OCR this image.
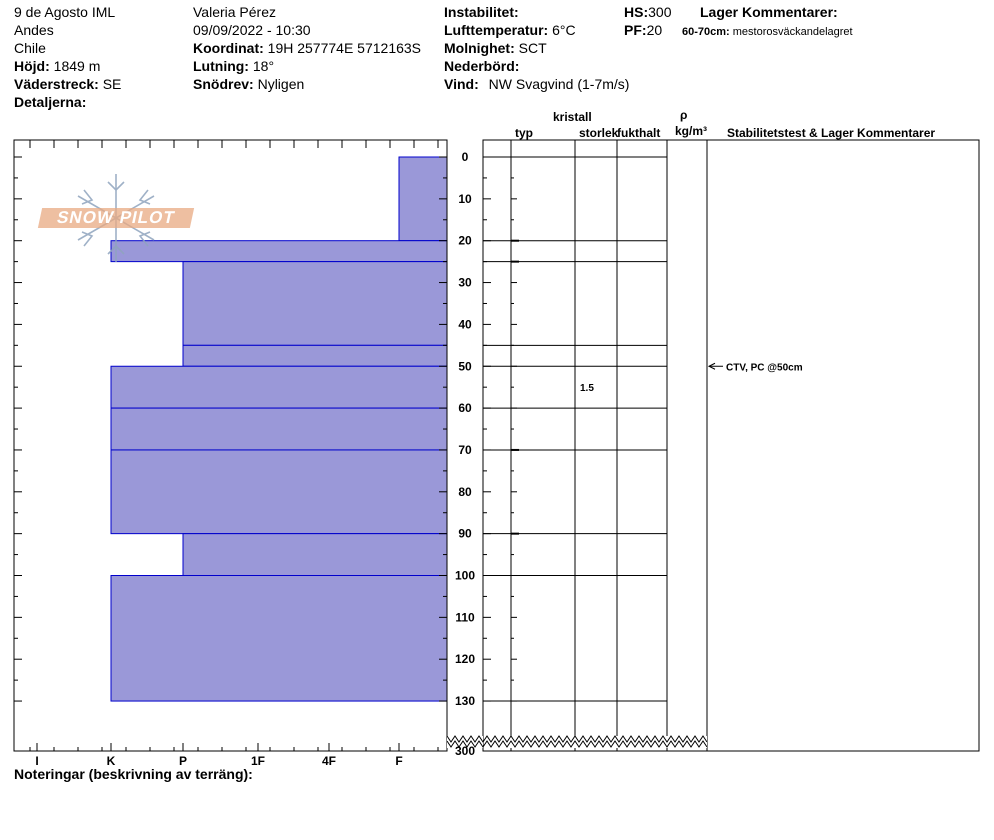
9 de Agosto IML
Andes
Chile
Höjd: 1849 m
Väderstreck: SE
Detaljerna:
Valeria Pérez
09/09/2022 - 10:30
Koordinat: 19H 257774E 5712163S
Lutning: 18°
Snödrev: Nyligen
Instabilitet:
Lufttemperatur: 6°C
Molnighet: SCT
Nederbörd:
Vind: NW Svagvind (1-7m/s)
HS:300
PF:20
Lager Kommentarer:
60-70cm: mestorosväckandelagret
kristall
typ	storlek
fukthalt
ρ
kg/m³ Stabilitetstest & Lager Kommentarer
I	K	P	1F	4F	F
0
10
20
30
40
50
60
70
80
90
100
110
120
130
300
1.5
CTV, PC @50cm
SNOW PILOT
Noteringar (beskrivning av terräng):
